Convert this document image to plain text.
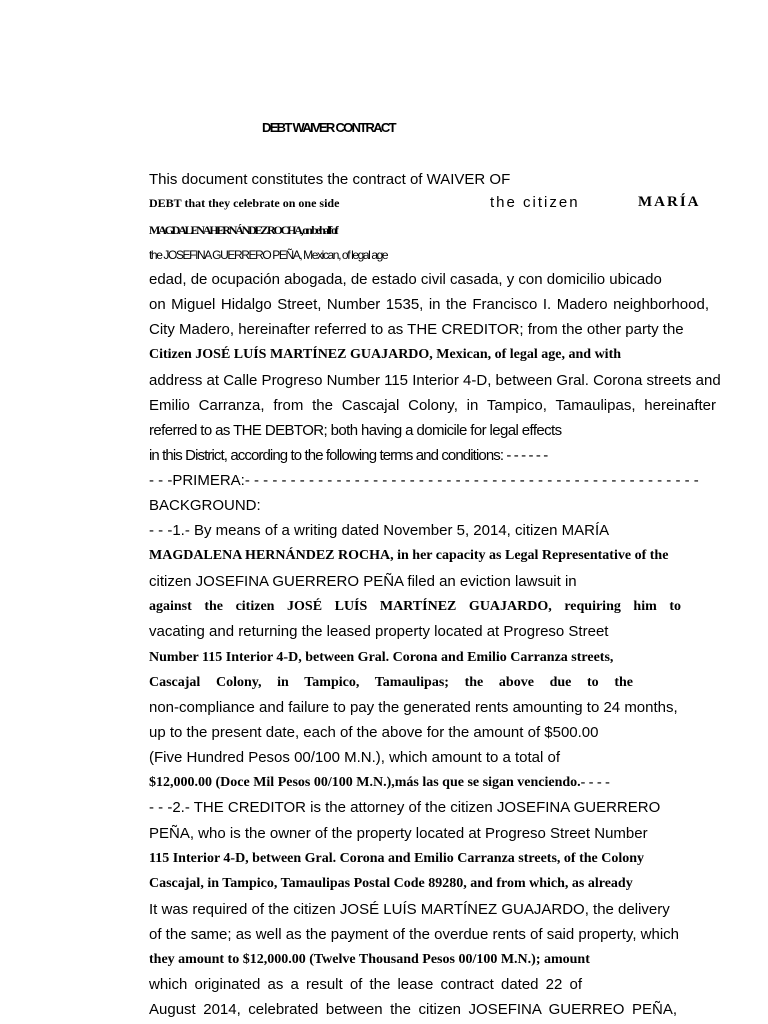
DEBT WAIVER CONTRACT
This document constitutes the contract of WAIVER OF
DEBT that they celebrate on one side	the citizen	MARÍA
MAGDALENA HERNÁNDEZ ROCHA, on behalf of
the JOSEFINA GUERRERO PEÑA, Mexican, of legal age
edad, de ocupación abogada, de estado civil casada, y con domicilio ubicado
on Miguel Hidalgo Street, Number 1535, in the Francisco I. Madero neighborhood,
City Madero, hereinafter referred to as THE CREDITOR; from the other party the
Citizen JOSÉ LUÍS MARTÍNEZ GUAJARDO, Mexican, of legal age, and with
address at Calle Progreso Number 115 Interior 4-D, between Gral. Corona streets and
Emilio Carranza, from the Cascajal Colony, in Tampico, Tamaulipas, hereinafter
referred to as THE DEBTOR; both having a domicile for legal effects
in this District, according to the following terms and conditions: - - - - - -
- - -PRIMERA:- - - - - - - - - - - - - - - - - - - - - - - - - - - - - - - - - - - - - - - - - - - - - - - - - -
BACKGROUND:
- - -1.- By means of a writing dated November 5, 2014, citizen MARÍA
MAGDALENA HERNÁNDEZ ROCHA, in her capacity as Legal Representative of the
citizen JOSEFINA GUERRERO PEÑA filed an eviction lawsuit in
against the citizen JOSÉ LUÍS MARTÍNEZ GUAJARDO, requiring him to
vacating and returning the leased property located at Progreso Street
Number 115 Interior 4-D, between Gral. Corona and Emilio Carranza streets,
Cascajal Colony, in Tampico, Tamaulipas; the above due to the
non-compliance and failure to pay the generated rents amounting to 24 months,
up to the present date, each of the above for the amount of $500.00
(Five Hundred Pesos 00/100 M.N.), which amount to a total of
$12,000.00 (Doce Mil Pesos 00/100 M.N.),más las que se sigan venciendo.- - - -
- - -2.- THE CREDITOR is the attorney of the citizen JOSEFINA GUERRERO
PEÑA, who is the owner of the property located at Progreso Street Number
115 Interior 4-D, between Gral. Corona and Emilio Carranza streets, of the Colony
Cascajal, in Tampico, Tamaulipas Postal Code 89280, and from which, as already
It was required of the citizen JOSÉ LUÍS MARTÍNEZ GUAJARDO, the delivery
of the same; as well as the payment of the overdue rents of said property, which
they amount to $12,000.00 (Twelve Thousand Pesos 00/100 M.N.); amount
which originated as a result of the lease contract dated 22 of
August 2014, celebrated between the citizen JOSEFINA GUERREO PEÑA,
